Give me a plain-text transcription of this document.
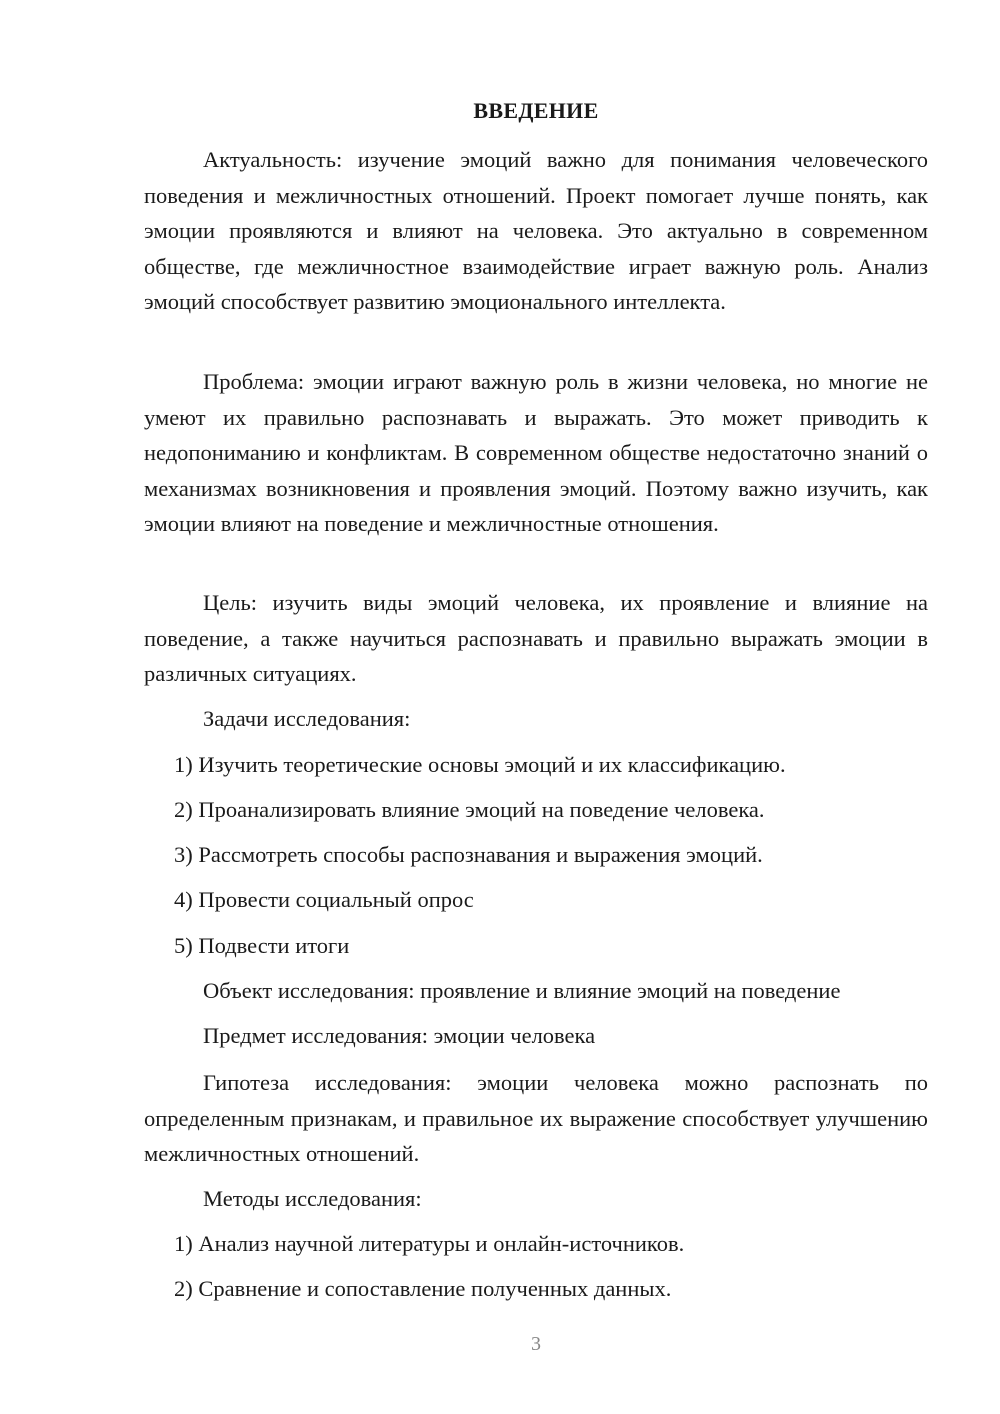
ВВЕДЕНИЕ

Актуальность: изучение эмоций важно для понимания человеческого поведения и межличностных отношений. Проект помогает лучше понять, как эмоции проявляются и влияют на человека. Это актуально в современном обществе, где межличностное взаимодействие играет важную роль. Анализ эмоций способствует развитию эмоционального интеллекта.

Проблема: эмоции играют важную роль в жизни человека, но многие не умеют их правильно распознавать и выражать. Это может приводить к недопониманию и конфликтам. В современном обществе недостаточно знаний о механизмах возникновения и проявления эмоций. Поэтому важно изучить, как эмоции влияют на поведение и межличностные отношения.

Цель: изучить виды эмоций человека, их проявление и влияние на поведение, а также научиться распознавать и правильно выражать эмоции в различных ситуациях.

Задачи исследования:

1) Изучить теоретические основы эмоций и их классификацию.

2) Проанализировать влияние эмоций на поведение человека.

3) Рассмотреть способы распознавания и выражения эмоций.

4) Провести социальный опрос

5) Подвести итоги

Объект исследования: проявление и влияние эмоций на поведение

Предмет исследования: эмоции человека

Гипотеза исследования: эмоции человека можно распознать по определенным признакам, и правильное их выражение способствует улучшению межличностных отношений.

Методы исследования:

1) Анализ научной литературы и онлайн-источников.

2) Сравнение и сопоставление полученных данных.

3
